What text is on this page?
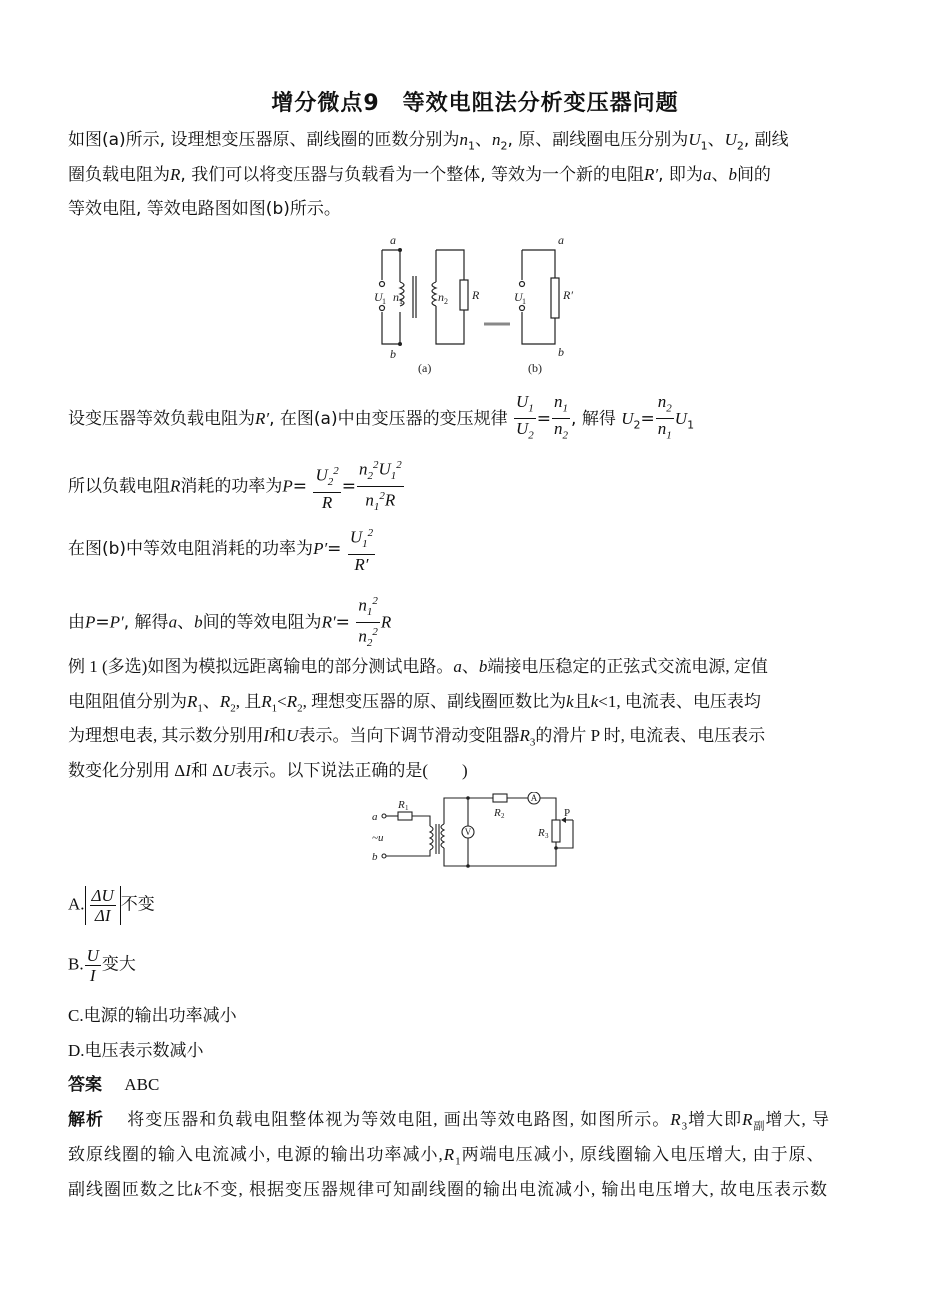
增分微点9　等效电阻法分析变压器问题
如图(a)所示, 设理想变压器原、副线圈的匝数分别为$n_1$、$n_2$, 原、副线圈电压分别为$U_1$、$U_2$, 副线
圈负载电阻为R, 我们可以将变压器与负载看为一个整体, 等效为一个新的电阻R′, 即为a、b间的
等效电阻, 等效电路图如图(b)所示。
a
b
U 1 n 1	n 2 R
a
b
U 1	R′
(a)	(b)
设变压器等效负载电阻为R′, 在图(a)中由变压器的变压规律 $\frac{U_1}{U_2} = \frac{n_1}{n_2}$ , 解得 $U_2= \frac{n_2}{n_1} U_1$
所以负载电阻R消耗的功率为$P= \frac{U_2^2}{R} = \frac{n_2^2U_1^2}{n_1^2R}$
在图(b)中等效电阻消耗的功率为$P'= \frac{U_1^2}{R'}$
由P=P′, 解得a、b间的等效电阻为$R'= \frac{n_1^2}{n_2^2}$ R
例 1 (多选)如图为模拟远距离输电的部分测试电路。a、b端接电压稳定的正弦式交流电源, 定值
电阻阻值分别为$R_1$、$R_2$, 且$R_1<R_2$, 理想变压器的原、副线圈匝数比为k且k<1, 电流表、电压表均
为理想电表, 其示数分别用I和U表示。当向下调节滑动变阻器$R_3$的滑片 P 时, 电流表、电压表示
数变化分别用 ΔI和 ΔU表示。以下说法正确的是(　　)
R 1	R 2
R 3
a
b
~u
A
V
P
A. $\frac{\Delta U}{\Delta I}$ 不变
B. $\frac{U}{I}$ 变大
C.电源的输出功率减小
D.电压表示数减小
答案　 ABC
解析　 将变压器和负载电阻整体视为等效电阻, 画出等效电路图, 如图所示。$R_3$增大即$R_副$增大, 导
致原线圈的输入电流减小, 电源的输出功率减小$,R_1$两端电压减小, 原线圈输入电压增大, 由于原、
副线圈匝数之比k不变, 根据变压器规律可知副线圈的输出电流减小, 输出电压增大, 故电压表示数
